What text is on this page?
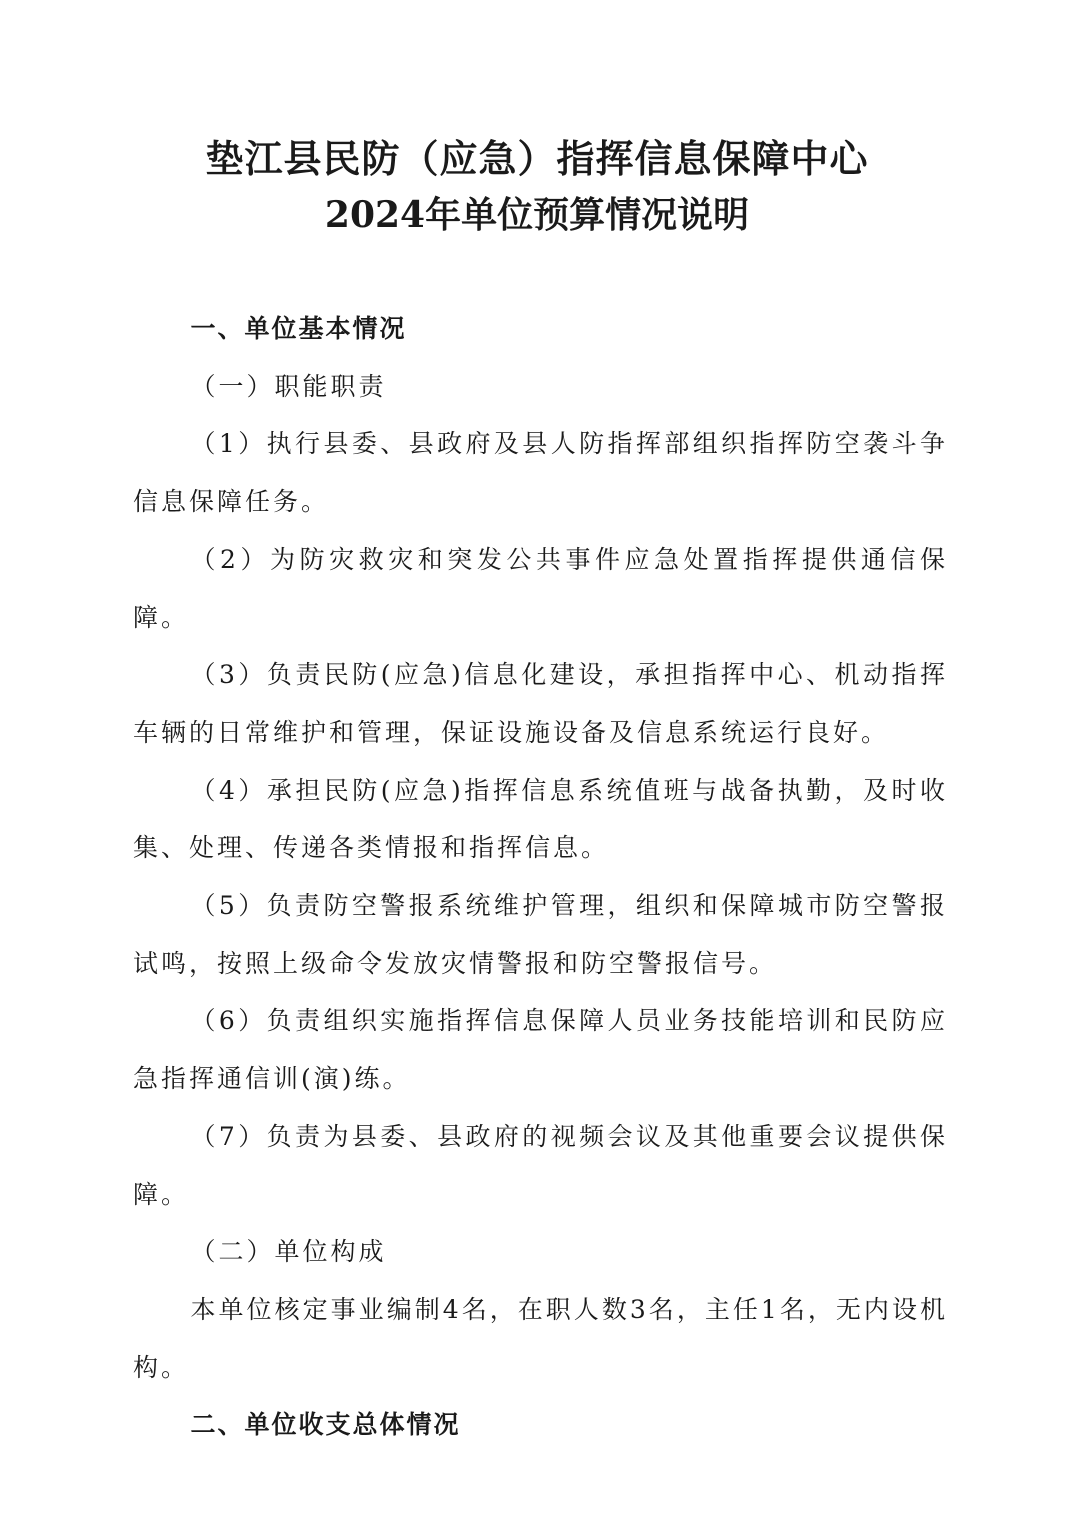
垫江县民防（应急）指挥信息保障中心
2024年单位预算情况说明

一、单位基本情况

（一）职能职责

（1）执行县委、县政府及县人防指挥部组织指挥防空袭斗争信息保障任务。

（2）为防灾救灾和突发公共事件应急处置指挥提供通信保障。

（3）负责民防(应急)信息化建设，承担指挥中心、机动指挥车辆的日常维护和管理，保证设施设备及信息系统运行良好。

（4）承担民防(应急)指挥信息系统值班与战备执勤，及时收集、处理、传递各类情报和指挥信息。

（5）负责防空警报系统维护管理，组织和保障城市防空警报试鸣，按照上级命令发放灾情警报和防空警报信号。

（6）负责组织实施指挥信息保障人员业务技能培训和民防应急指挥通信训(演)练。

（7）负责为县委、县政府的视频会议及其他重要会议提供保障。

（二）单位构成

本单位核定事业编制4名，在职人数3名，主任1名，无内设机构。

二、单位收支总体情况
